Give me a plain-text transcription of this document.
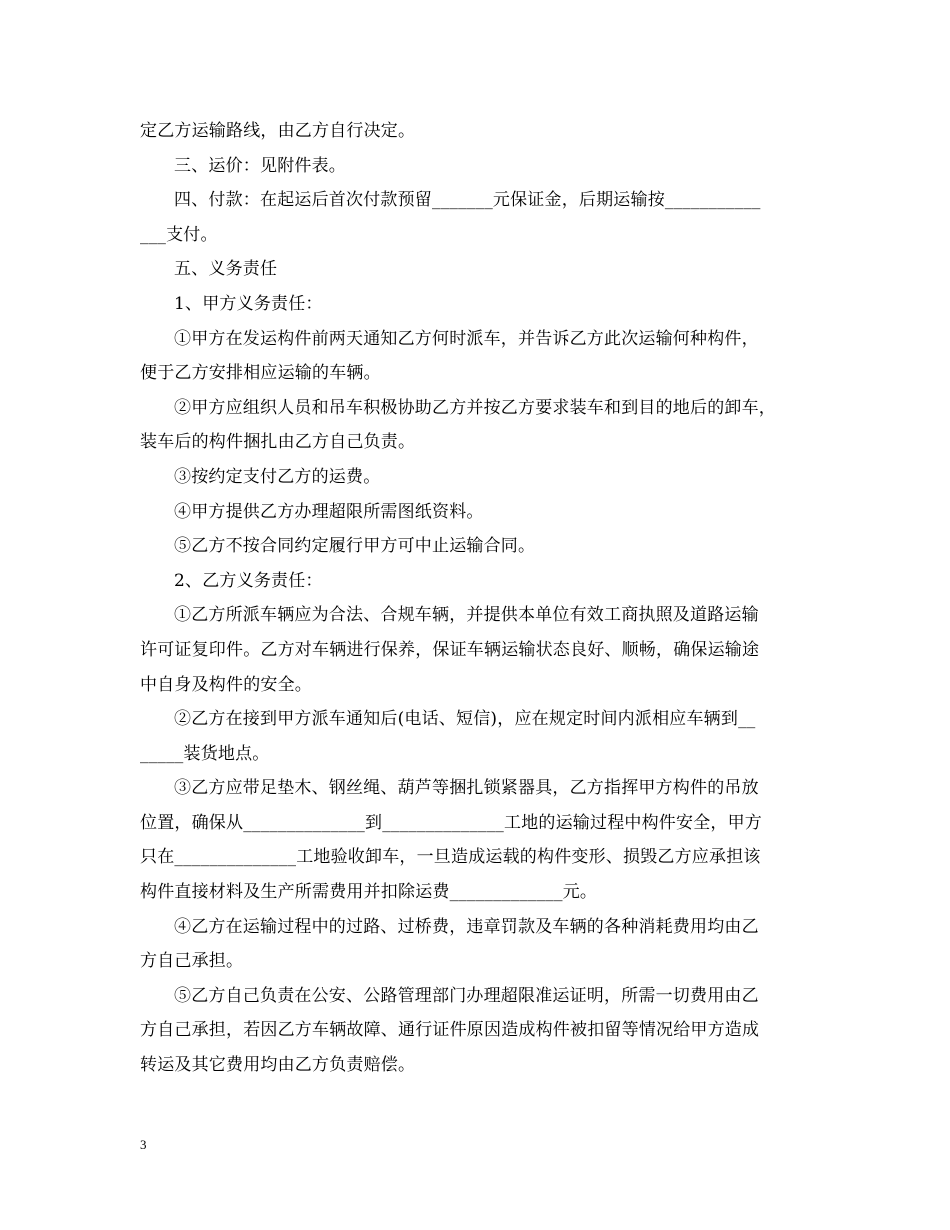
定乙方运输路线，由乙方自行决定。
三、运价：见附件表。
四、付款：在起运后首次付款预留_______元保证金，后期运输按___________
___支付。
五、义务责任
1、甲方义务责任：
①甲方在发运构件前两天通知乙方何时派车，并告诉乙方此次运输何种构件，
便于乙方安排相应运输的车辆。
②甲方应组织人员和吊车积极协助乙方并按乙方要求装车和到目的地后的卸车，
装车后的构件捆扎由乙方自己负责。
③按约定支付乙方的运费。
④甲方提供乙方办理超限所需图纸资料。
⑤乙方不按合同约定履行甲方可中止运输合同。
2、乙方义务责任：
①乙方所派车辆应为合法、合规车辆，并提供本单位有效工商执照及道路运输
许可证复印件。乙方对车辆进行保养，保证车辆运输状态良好、顺畅，确保运输途
中自身及构件的安全。
②乙方在接到甲方派车通知后(电话、短信)，应在规定时间内派相应车辆到__
_____装货地点。
③乙方应带足垫木、钢丝绳、葫芦等捆扎锁紧器具，乙方指挥甲方构件的吊放
位置，确保从______________到______________工地的运输过程中构件安全，甲方
只在______________工地验收卸车，一旦造成运载的构件变形、损毁乙方应承担该
构件直接材料及生产所需费用并扣除运费_____________元。
④乙方在运输过程中的过路、过桥费，违章罚款及车辆的各种消耗费用均由乙
方自己承担。
⑤乙方自己负责在公安、公路管理部门办理超限准运证明，所需一切费用由乙
方自己承担，若因乙方车辆故障、通行证件原因造成构件被扣留等情况给甲方造成
转运及其它费用均由乙方负责赔偿。
3
